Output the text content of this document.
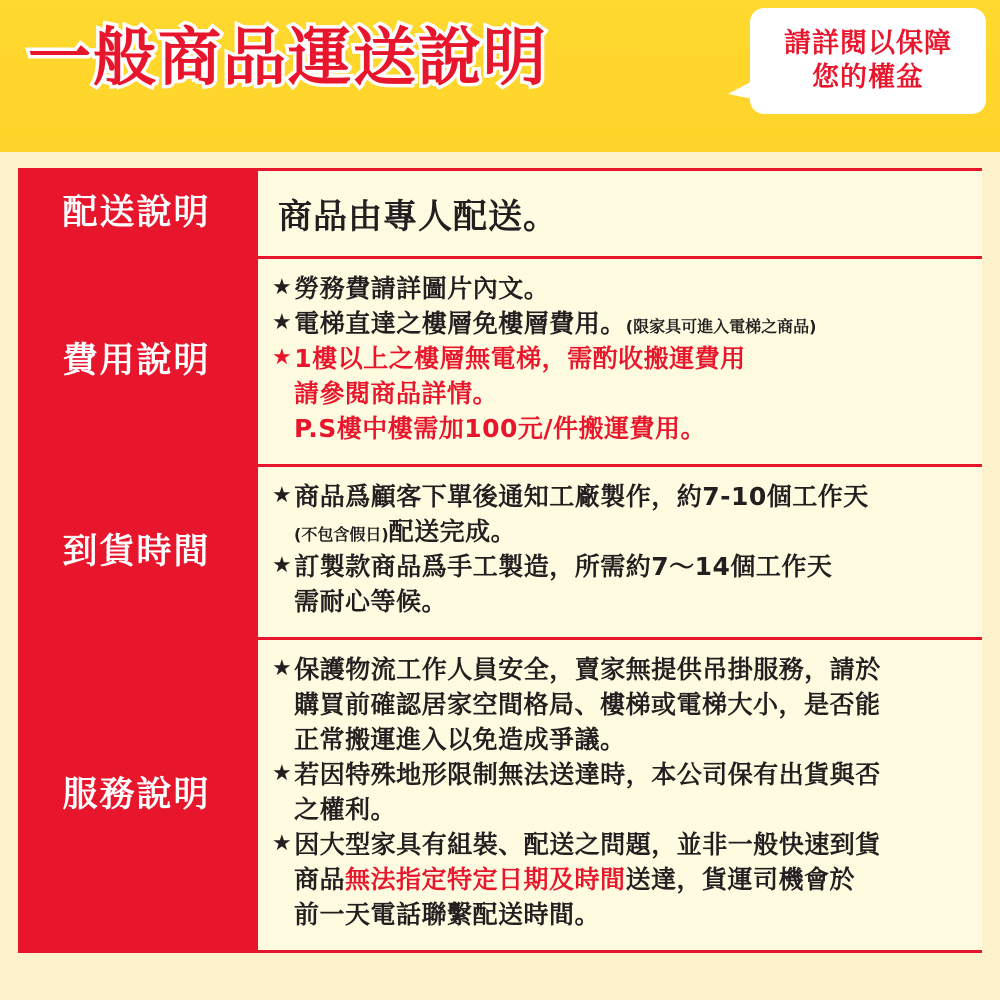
一般商品運送說明	請詳閱以保障
您的權盆
配送說明	商品由專人配送。
費用說明
★ 勞務費請詳圖片內文。
★ 電梯直達之樓層免樓層費用。(限家具可進入電梯之商品)
★ 1樓以上之樓層無電梯，需酌收搬運費用
請參閱商品詳情。
P.S樓中樓需加100元/件搬運費用。
到貨時間
★ 商品爲顧客下單後通知工廠製作，約7-10個工作天
(不包含假日)配送完成。
★ 訂製款商品爲手工製造，所需約7～14個工作天
需耐心等候。
服務說明
★ 保護物流工作人員安全，賣家無提供吊掛服務，請於
購買前確認居家空間格局、樓梯或電梯大小，是否能
正常搬運進入以免造成爭議。
★ 若因特殊地形限制無法送達時，本公司保有出貨與否
之權利。
★ 因大型家具有組裝、配送之問題，並非一般快速到貨
商品無法指定特定日期及時間送達，貨運司機會於
前一天電話聯繫配送時間。
